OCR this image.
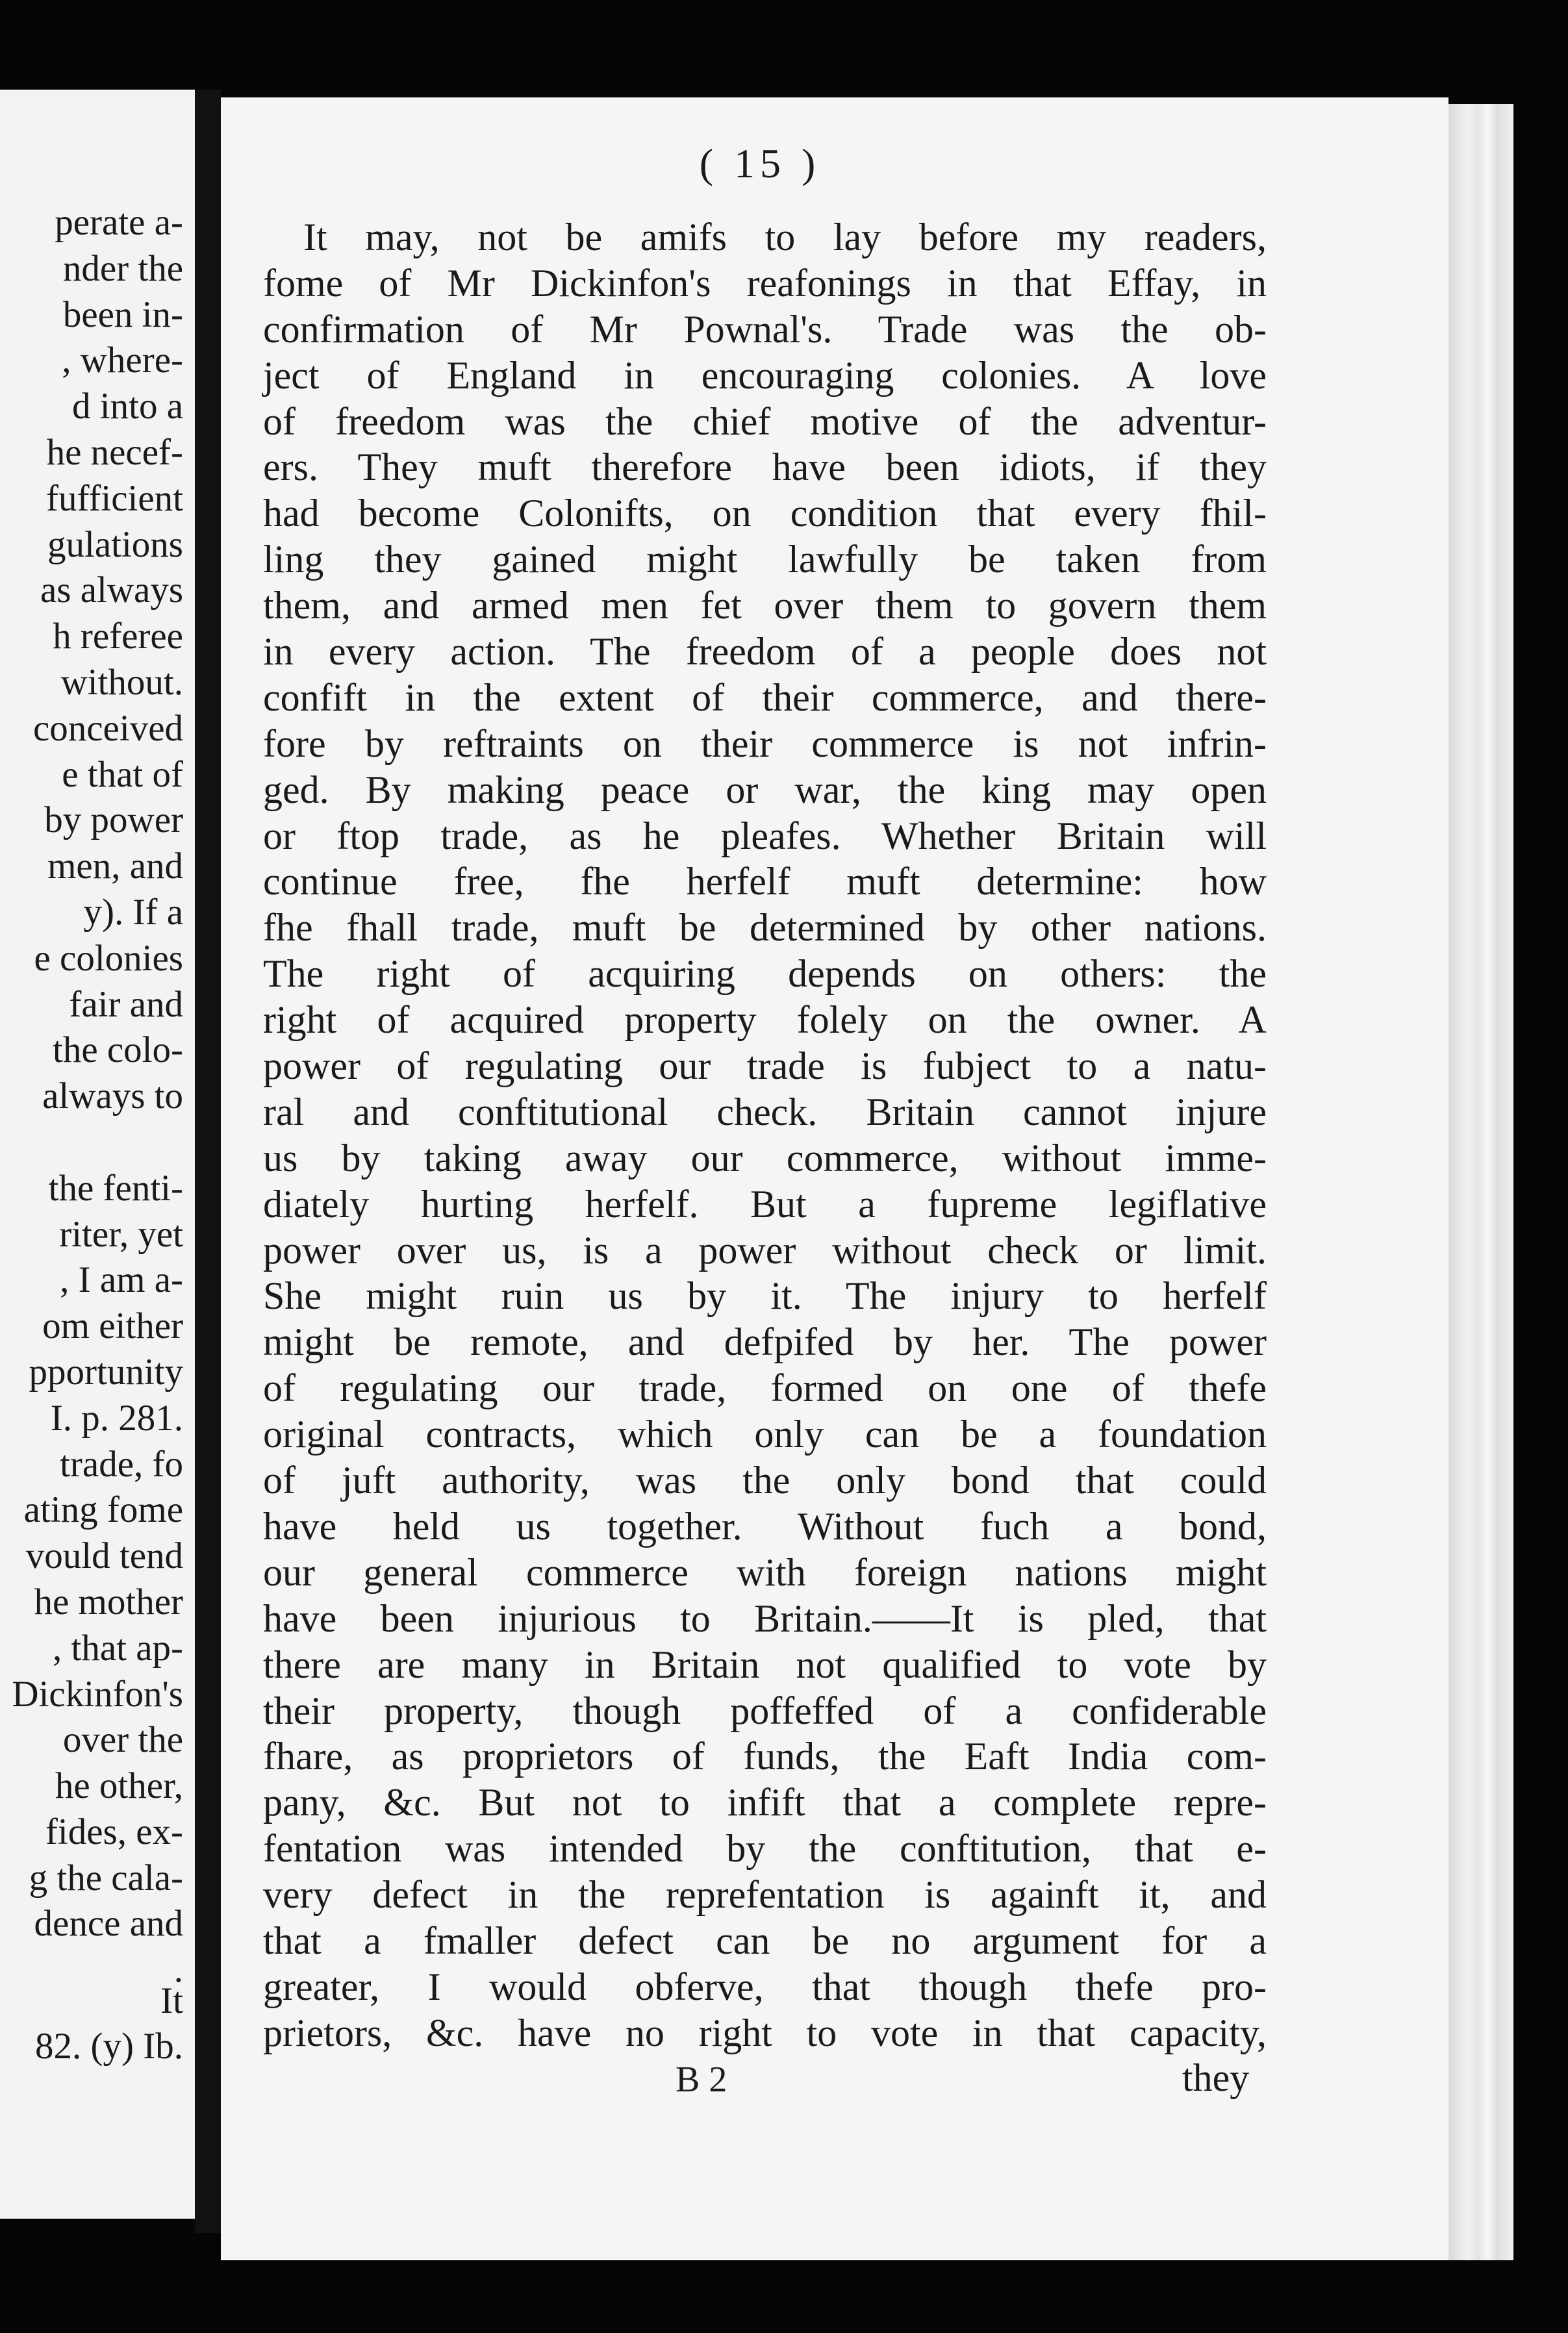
perate a-
nder the
been in-
, where-
d into a
he necef-
fufficient
gulations
as always
h referee
without.
conceived
e that of
by power
men, and
y). If a
e colonies
fair and
the colo-
always to
the fenti-
riter, yet
, I am a-
om either
pportunity
I. p. 281.
trade, fo
ating fome
vould tend
he mother
, that ap-
Dickinfon's
over the
he other,
fides, ex-
g the cala-
dence and
.
It
82. (y) Ib.
( 15 )
It may, not be amifs to lay before my readers,
fome of Mr Dickinfon's reafonings in that Effay, in
confirmation of Mr Pownal's. Trade was the ob-
ject of England in encouraging colonies. A love
of freedom was the chief motive of the adventur-
ers. They muft therefore have been idiots, if they
had become Colonifts, on condition that every fhil-
ling they gained might lawfully be taken from
them, and armed men fet over them to govern them
in every action. The freedom of a people does not
confift in the extent of their commerce, and there-
fore by reftraints on their commerce is not infrin-
ged. By making peace or war, the king may open
or ftop trade, as he pleafes. Whether Britain will
continue free, fhe herfelf muft determine: how
fhe fhall trade, muft be determined by other nations.
The right of acquiring depends on others: the
right of acquired property folely on the owner. A
power of regulating our trade is fubject to a natu-
ral and conftitutional check. Britain cannot injure
us by taking away our commerce, without imme-
diately hurting herfelf. But a fupreme legiflative
power over us, is a power without check or limit.
She might ruin us by it. The injury to herfelf
might be remote, and defpifed by her. The power
of regulating our trade, formed on one of thefe
original contracts, which only can be a foundation
of juft authority, was the only bond that could
have held us together. Without fuch a bond,
our general commerce with foreign nations might
have been injurious to Britain.——It is pled, that
there are many in Britain not qualified to vote by
their property, though poffeffed of a confiderable
fhare, as proprietors of funds, the Eaft India com-
pany, &c. But not to infift that a complete repre-
fentation was intended by the conftitution, that e-
very defect in the reprefentation is againft it, and
that a fmaller defect can be no argument for a
greater, I would obferve, that though thefe pro-
prietors, &c. have no right to vote in that capacity,
B 2	they
